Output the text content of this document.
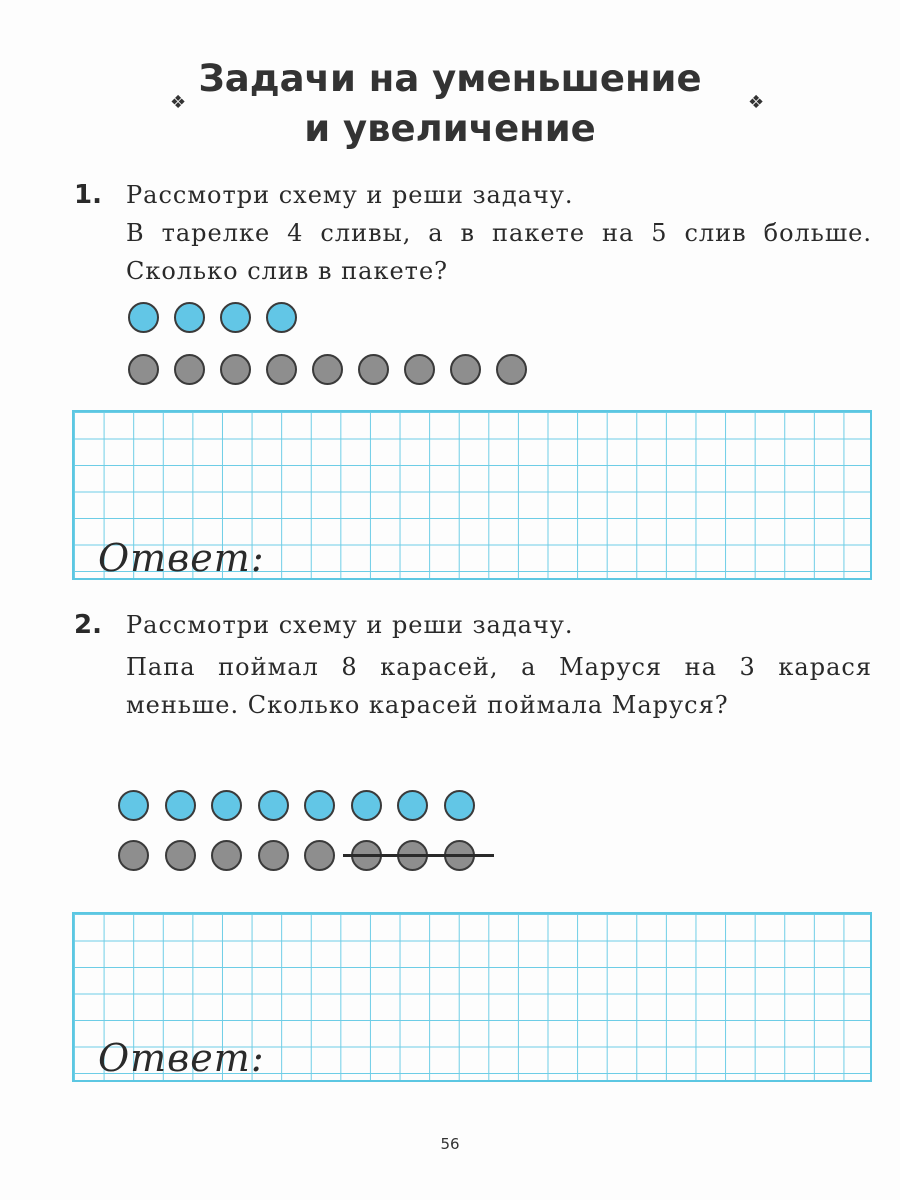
❖
Задачи на уменьшение
и увеличение
❖
1. Рассмотри схему и реши задачу.

В тарелке 4 сливы, а в пакете на 5 слив больше. Сколько слив в пакете?

Ответ:
2. Рассмотри схему и реши задачу.

Папа поймал 8 карасей, а Маруся на 3 карася меньше. Сколько карасей поймала Маруся?

Ответ:
56
